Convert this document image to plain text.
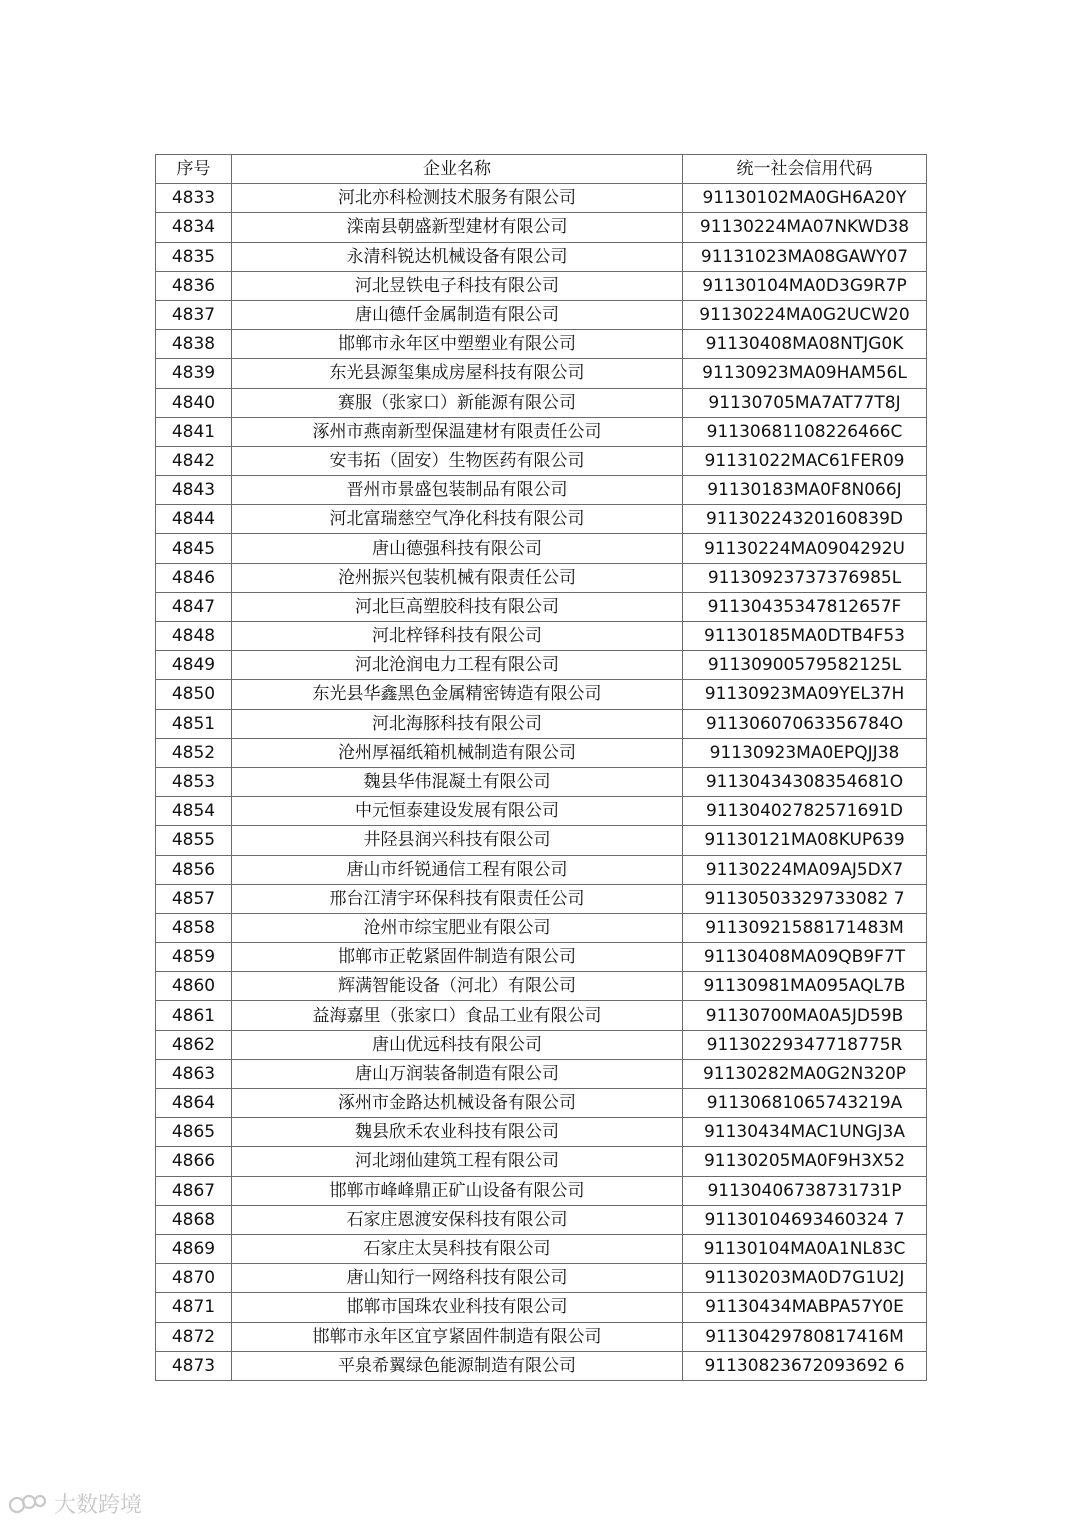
序号	企业名称	统一社会信用代码
4833	河北亦科检测技术服务有限公司	91130102MA0GH6A20Y
4834	滦南县朝盛新型建材有限公司	91130224MA07NKWD38
4835	永清科锐达机械设备有限公司	91131023MA08GAWY07
4836	河北昱铁电子科技有限公司	91130104MA0D3G9R7P
4837	唐山德仟金属制造有限公司	91130224MA0G2UCW20
4838	邯郸市永年区中塑塑业有限公司	91130408MA08NTJG0K
4839	东光县源玺集成房屋科技有限公司	91130923MA09HAM56L
4840	赛服（张家口）新能源有限公司	91130705MA7AT77T8J
4841	涿州市燕南新型保温建材有限责任公司	91130681108226466C
4842	安韦拓（固安）生物医药有限公司	91131022MAC61FER09
4843	晋州市景盛包装制品有限公司	91130183MA0F8N066J
4844	河北富瑞慈空气净化科技有限公司	91130224320160839D
4845	唐山德强科技有限公司	91130224MA0904292U
4846	沧州振兴包装机械有限责任公司	91130923737376985L
4847	河北巨高塑胶科技有限公司	91130435347812657F
4848	河北梓铎科技有限公司	91130185MA0DTB4F53
4849	河北沧润电力工程有限公司	91130900579582125L
4850	东光县华鑫黑色金属精密铸造有限公司	91130923MA09YEL37H
4851	河北海豚科技有限公司	91130607063356784O
4852	沧州厚福纸箱机械制造有限公司	91130923MA0EPQJJ38
4853	魏县华伟混凝土有限公司	91130434308354681O
4854	中元恒泰建设发展有限公司	91130402782571691D
4855	井陉县润兴科技有限公司	91130121MA08KUP639
4856	唐山市纤锐通信工程有限公司	91130224MA09AJ5DX7
4857	邢台江清宇环保科技有限责任公司	91130503329733082 7
4858	沧州市综宝肥业有限公司	91130921588171483M
4859	邯郸市正乾紧固件制造有限公司	91130408MA09QB9F7T
4860	辉满智能设备（河北）有限公司	91130981MA095AQL7B
4861	益海嘉里（张家口）食品工业有限公司	91130700MA0A5JD59B
4862	唐山优远科技有限公司	91130229347718775R
4863	唐山万润装备制造有限公司	91130282MA0G2N320P
4864	涿州市金路达机械设备有限公司	91130681065743219A
4865	魏县欣禾农业科技有限公司	91130434MAC1UNGJ3A
4866	河北翊仙建筑工程有限公司	91130205MA0F9H3X52
4867	邯郸市峰峰鼎正矿山设备有限公司	91130406738731731P
4868	石家庄恩渡安保科技有限公司	91130104693460324 7
4869	石家庄太昊科技有限公司	91130104MA0A1NL83C
4870	唐山知行一网络科技有限公司	91130203MA0D7G1U2J
4871	邯郸市国珠农业科技有限公司	91130434MABPA57Y0E
4872	邯郸市永年区宜亨紧固件制造有限公司	91130429780817416M
4873	平泉希翼绿色能源制造有限公司	91130823672093692 6
大数跨境
